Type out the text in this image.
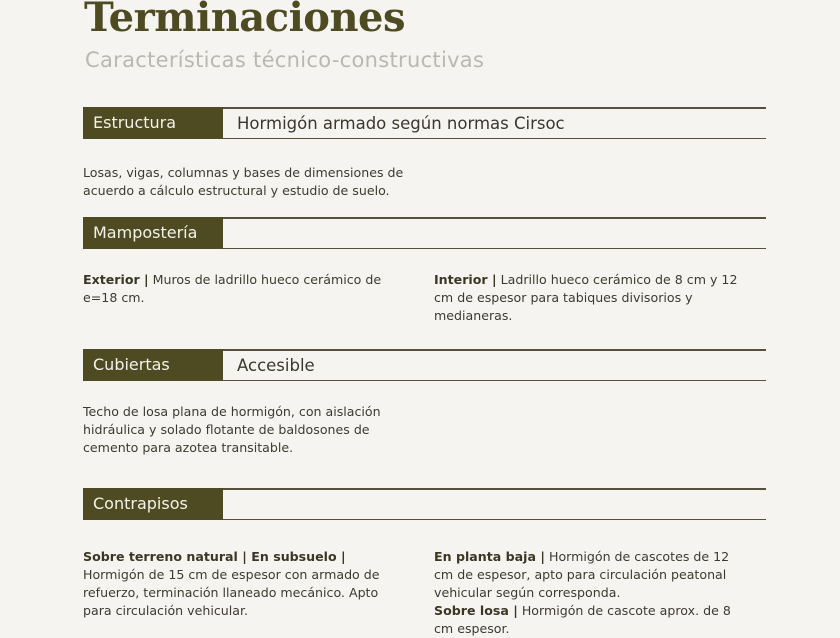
Terminaciones
Características técnico-constructivas
Estructura	Hormigón armado según normas Cirsoc
Losas, vigas, columnas y bases de dimensiones de acuerdo a cálculo estructural y estudio de suelo.
Mampostería
Exterior | Muros de ladrillo hueco cerámico de e=18 cm.
Interior | Ladrillo hueco cerámico de 8 cm y 12 cm de espesor para tabiques divisorios y medianeras.
Cubiertas	Accesible
Techo de losa plana de hormigón, con aislación hidráulica y solado flotante de baldosones de cemento para azotea transitable.
Contrapisos
Sobre terreno natural | En subsuelo | Hormigón de 15 cm de espesor con armado de refuerzo, terminación llaneado mecánico. Apto para circulación vehicular.
En planta baja | Hormigón de cascotes de 12 cm de espesor, apto para circulación peatonal vehicular según corresponda.
Sobre losa | Hormigón de cascote aprox. de 8 cm espesor.
